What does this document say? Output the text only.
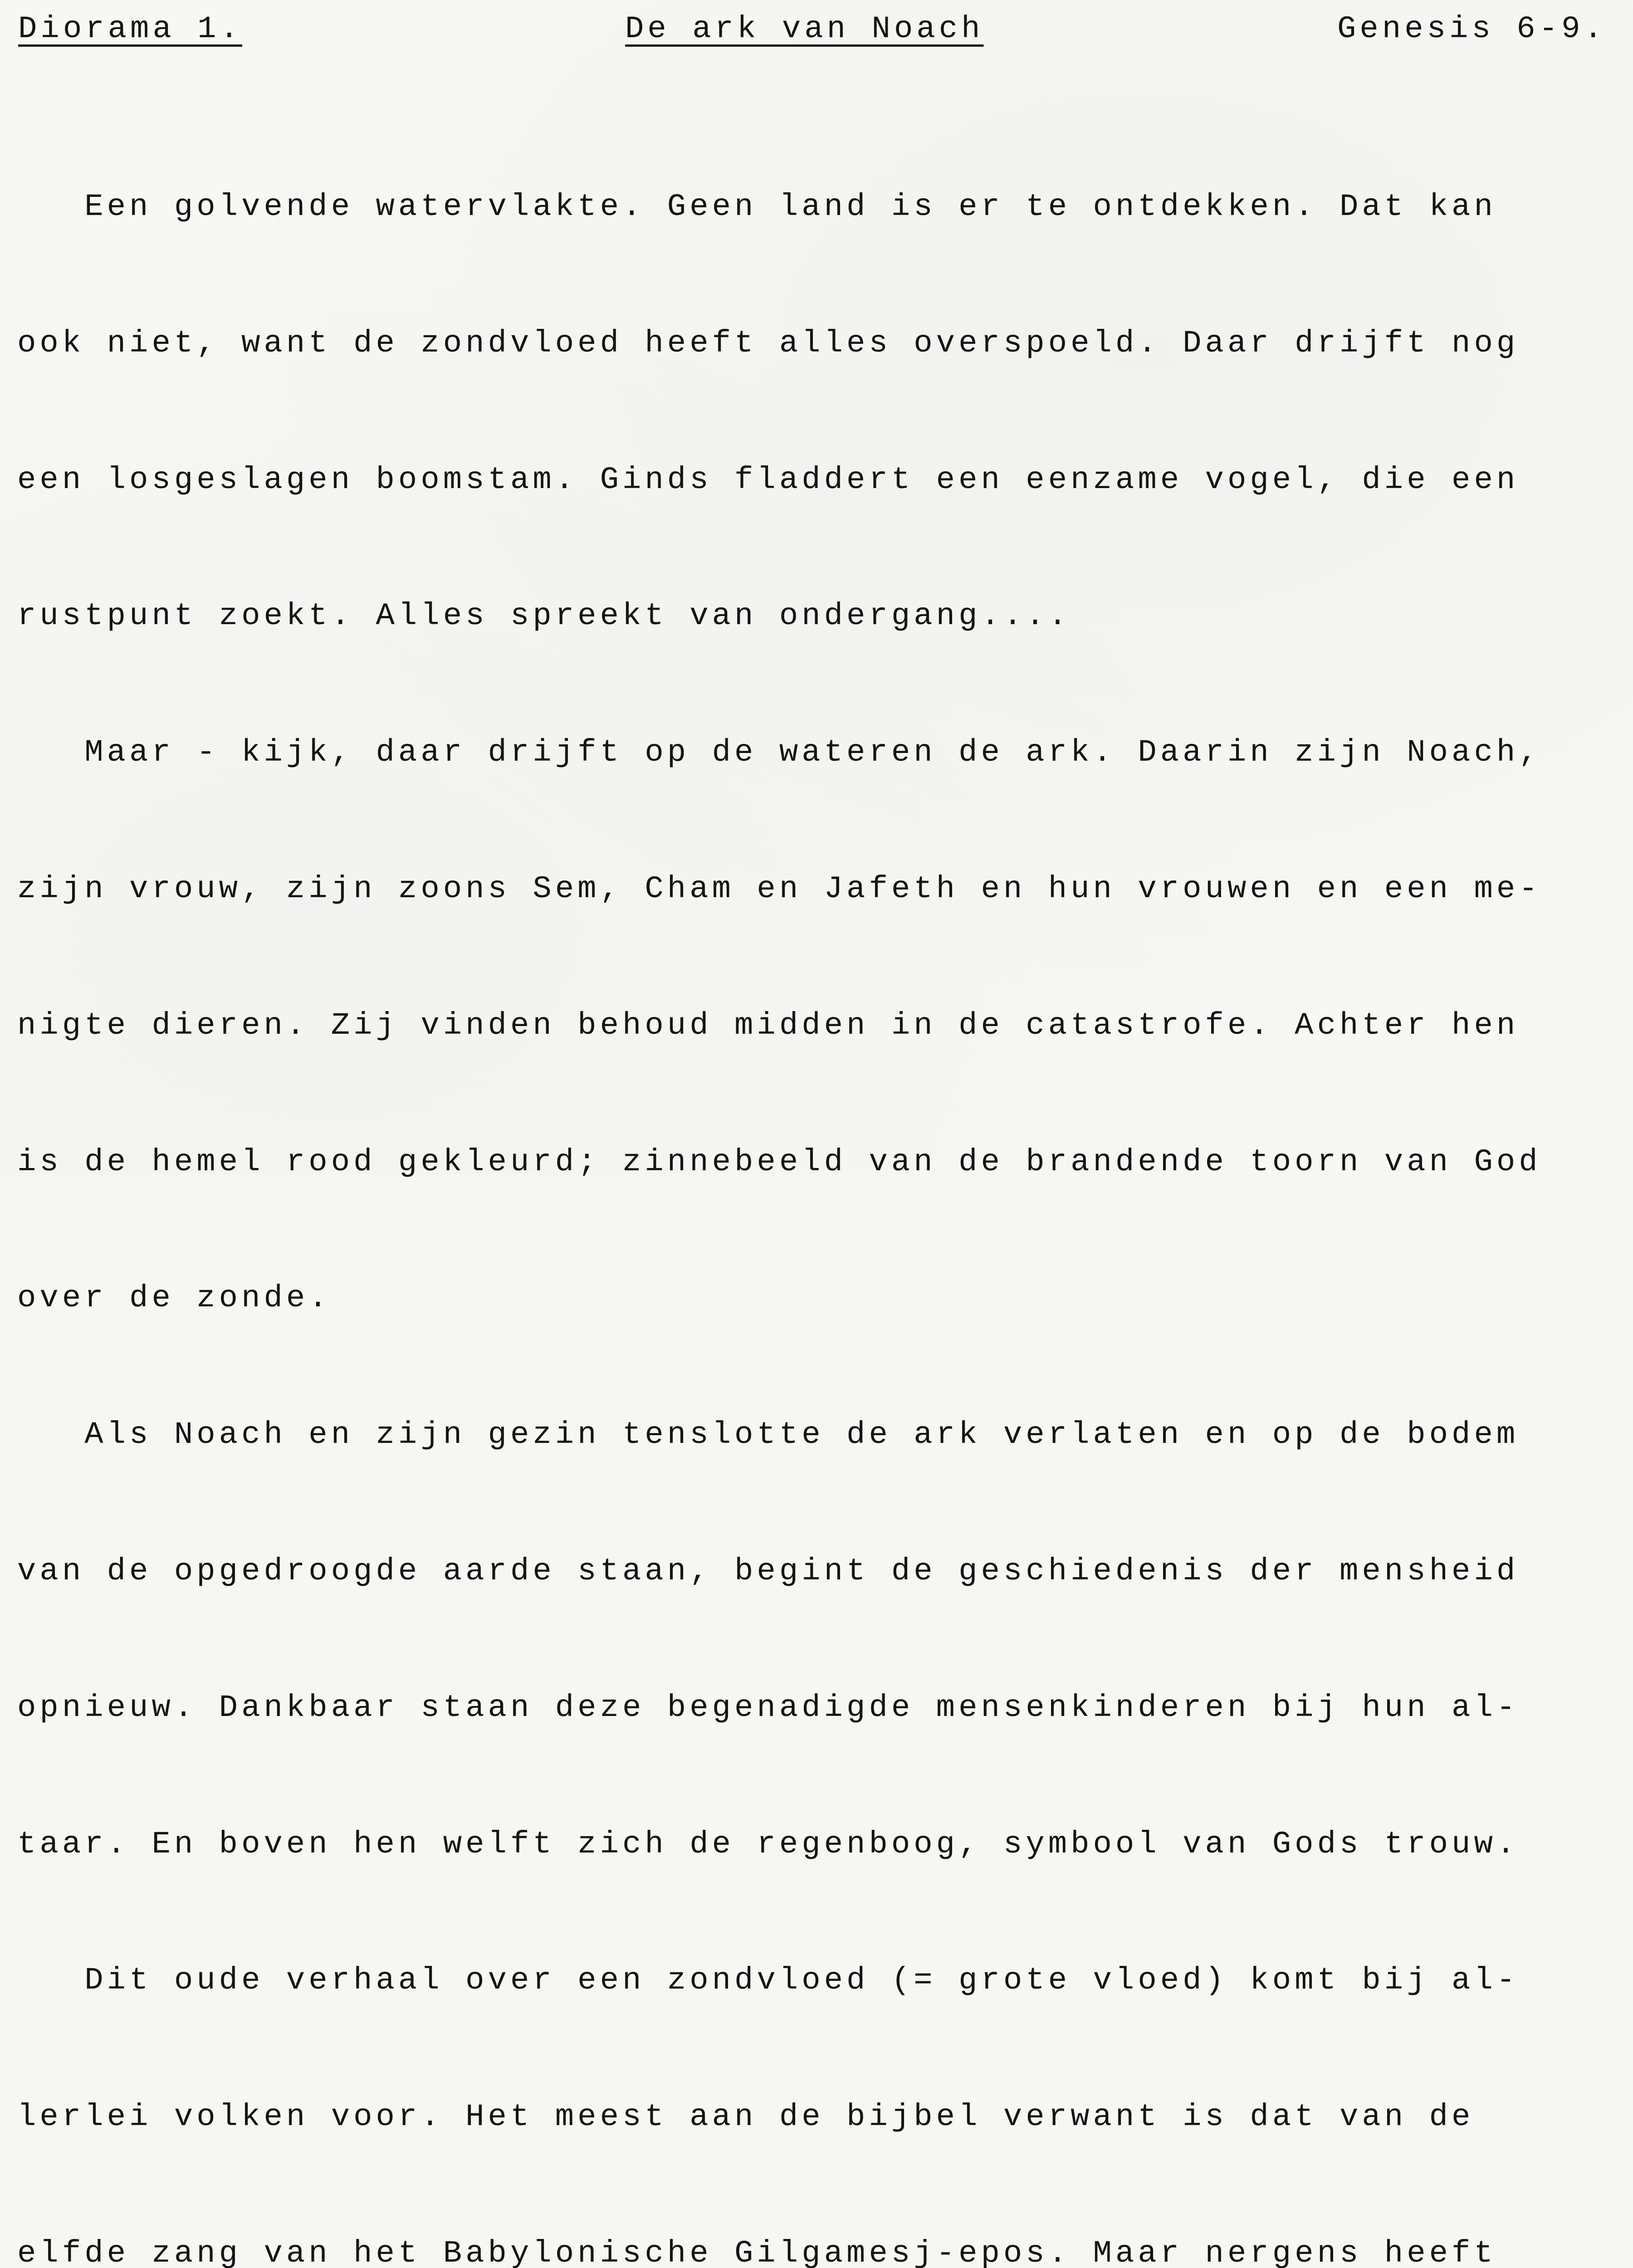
Diorama 1.

	De ark van Noach

	Genesis 6-9.

Een golvende watervlakte. Geen land is er te ontdekken. Dat kan

ook niet, want de zondvloed heeft alles overspoeld. Daar drijft nog

een losgeslagen boomstam. Ginds fladdert een eenzame vogel, die een

rustpunt zoekt. Alles spreekt van ondergang....

Maar - kijk, daar drijft op de wateren de ark. Daarin zijn Noach,

zijn vrouw, zijn zoons Sem, Cham en Jafeth en hun vrouwen en een me-

nigte dieren. Zij vinden behoud midden in de catastrofe. Achter hen

is de hemel rood gekleurd; zinnebeeld van de brandende toorn van God

over de zonde.

Als Noach en zijn gezin tenslotte de ark verlaten en op de bodem

van de opgedroogde aarde staan, begint de geschiedenis der mensheid

opnieuw. Dankbaar staan deze begenadigde mensenkinderen bij hun al-

taar. En boven hen welft zich de regenboog, symbool van Gods trouw.

Dit oude verhaal over een zondvloed (= grote vloed) komt bij al-

lerlei volken voor. Het meest aan de bijbel verwant is dat van de

elfde zang van het Babylonische Gilgamesj-epos. Maar nergens heeft
